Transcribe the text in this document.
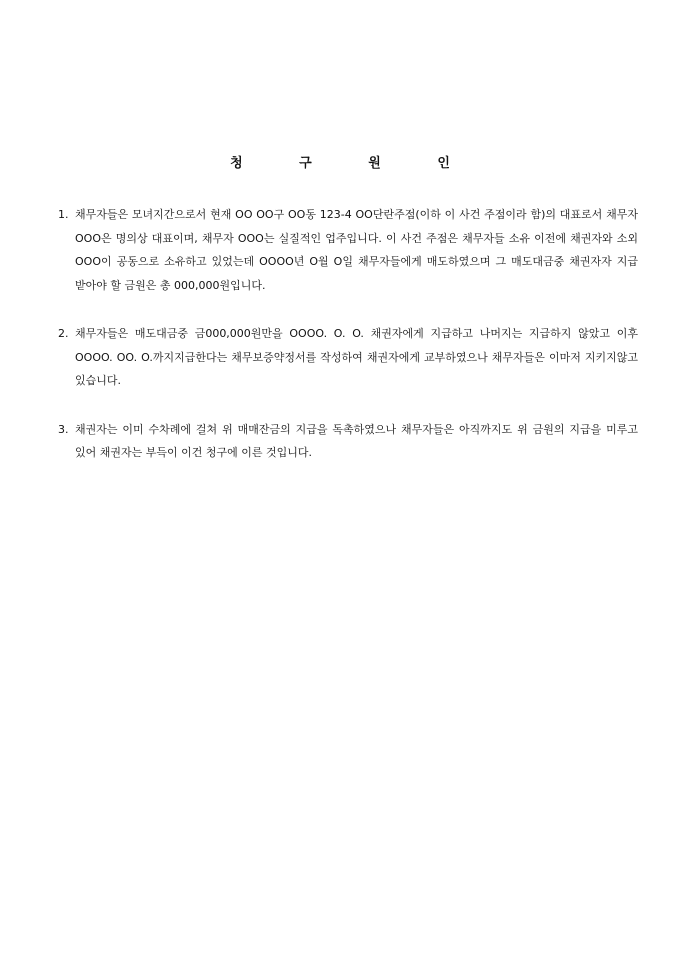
청 구 원 인
1. 채무자들은 모녀지간으로서 현재 OO OO구 OO동 123-4 OO단란주점(이하 이 사건 주점이라 함)의 대표로서 채무자 OOO은 명의상 대표이며, 채무자 OOO는 실질적인 업주입니다. 이 사건 주점은 채무자들 소유 이전에 채권자와 소외 OOO이 공동으로 소유하고 있었는데 OOOO년 O월 O일 채무자들에게 매도하였으며 그 매도대금중 채권자자 지급 받아야 할 금원은 총 000,000원입니다.
2. 채무자들은 매도대금중 금000,000원만을 OOOO. O. O. 채권자에게 지급하고 나머지는 지급하지 않았고 이후 OOOO. OO. O.까지지급한다는 채무보증약정서를 작성하여 채권자에게 교부하였으나 채무자들은 이마저 지키지않고 있습니다.
3. 채권자는 이미 수차례에 걸쳐 위 매매잔금의 지급을 독촉하였으나 채무자들은 아직까지도 위 금원의 지급을 미루고 있어 채권자는 부득이 이건 청구에 이른 것입니다.
